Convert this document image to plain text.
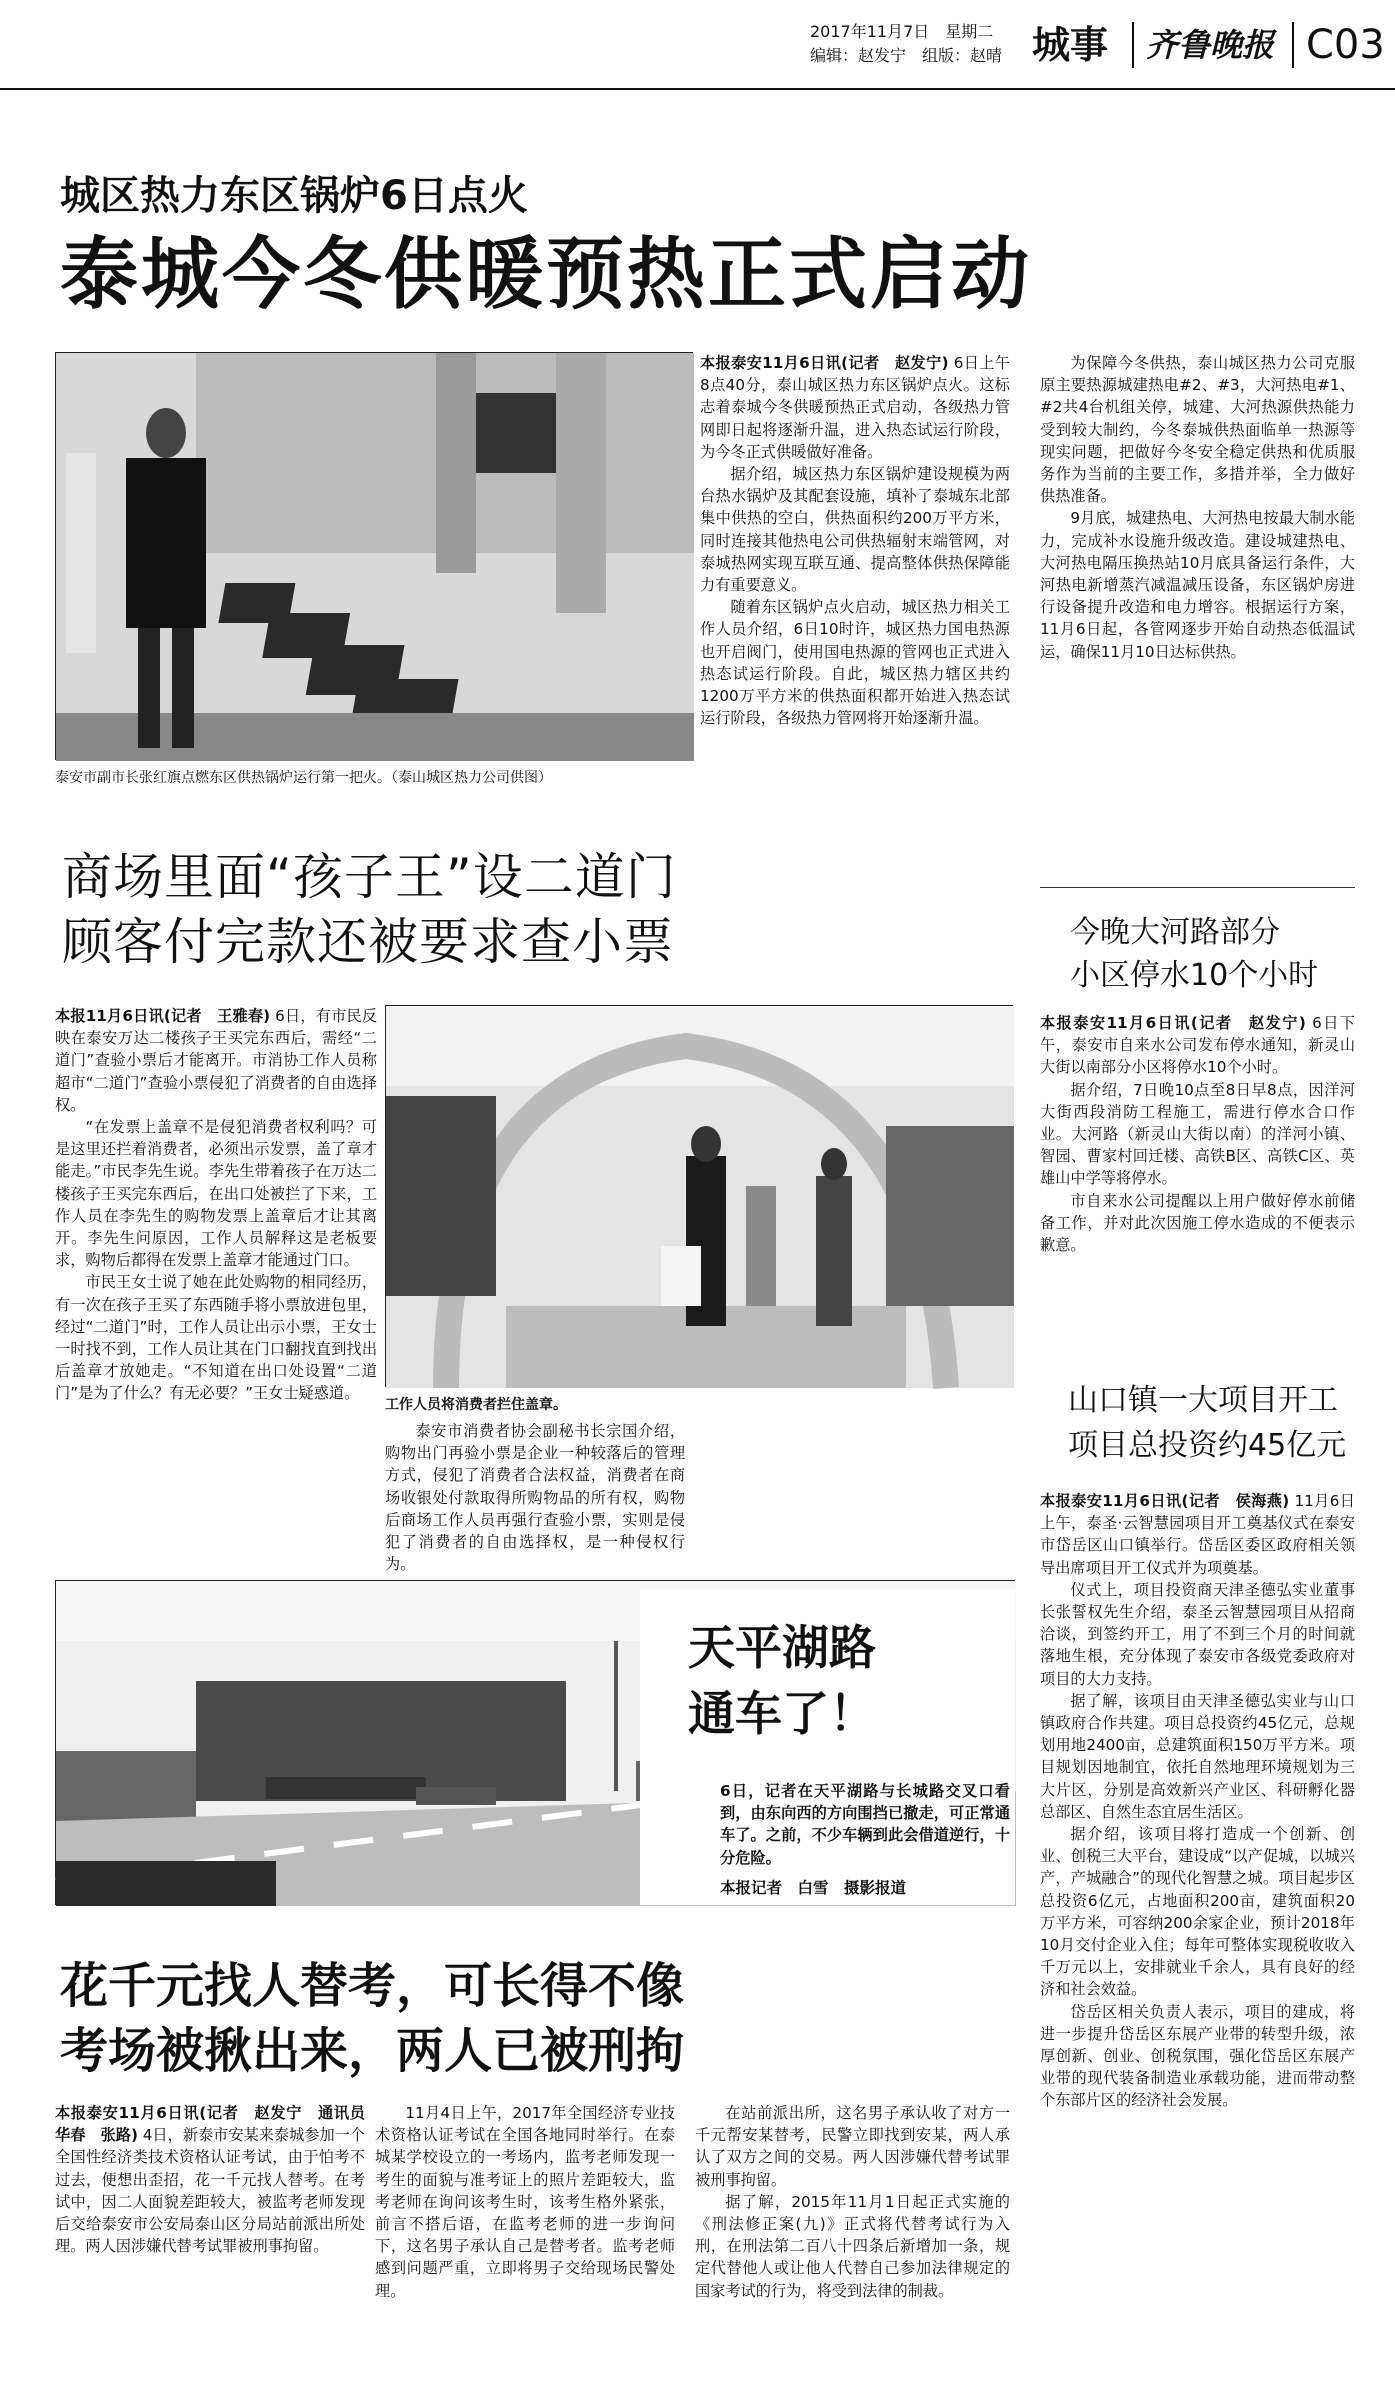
2017年11月7日　星期二
编辑：赵发宁　组版：赵晴 城事 齐鲁晚报 C03
城区热力东区锅炉6日点火
泰城今冬供暖预热正式启动
泰安市副市长张红旗点燃东区供热锅炉运行第一把火。（泰山城区热力公司供图）

本报泰安11月6日讯(记者　赵发宁) 6日上午8点40分，泰山城区热力东区锅炉点火。这标志着泰城今冬供暖预热正式启动，各级热力管网即日起将逐渐升温，进入热态试运行阶段，为今冬正式供暖做好准备。

据介绍，城区热力东区锅炉建设规模为两台热水锅炉及其配套设施，填补了泰城东北部集中供热的空白，供热面积约200万平方米，同时连接其他热电公司供热辐射末端管网，对泰城热网实现互联互通、提高整体供热保障能力有重要意义。

随着东区锅炉点火启动，城区热力相关工作人员介绍，6日10时许，城区热力国电热源也开启阀门，使用国电热源的管网也正式进入热态试运行阶段。自此，城区热力辖区共约1200万平方米的供热面积都开始进入热态试运行阶段，各级热力管网将开始逐渐升温。

为保障今冬供热，泰山城区热力公司克服原主要热源城建热电#2、#3，大河热电#1、#2共4台机组关停，城建、大河热源供热能力受到较大制约，今冬泰城供热面临单一热源等现实问题，把做好今冬安全稳定供热和优质服务作为当前的主要工作，多措并举，全力做好供热准备。

9月底，城建热电、大河热电按最大制水能力，完成补水设施升级改造。建设城建热电、大河热电隔压换热站10月底具备运行条件，大河热电新增蒸汽减温减压设备，东区锅炉房进行设备提升改造和电力增容。根据运行方案，11月6日起，各管网逐步开始自动热态低温试运，确保11月10日达标供热。

商场里面“孩子王”设二道门
顾客付完款还被要求查小票

本报11月6日讯(记者　王雅春) 6日，有市民反映在泰安万达二楼孩子王买完东西后，需经“二道门”查验小票后才能离开。市消协工作人员称超市“二道门”查验小票侵犯了消费者的自由选择权。

“在发票上盖章不是侵犯消费者权利吗？可是这里还拦着消费者，必须出示发票，盖了章才能走。”市民李先生说。李先生带着孩子在万达二楼孩子王买完东西后，在出口处被拦了下来，工作人员在李先生的购物发票上盖章后才让其离开。李先生问原因，工作人员解释这是老板要求，购物后都得在发票上盖章才能通过门口。

市民王女士说了她在此处购物的相同经历，有一次在孩子王买了东西随手将小票放进包里，经过“二道门”时，工作人员让出示小票，王女士一时找不到，工作人员让其在门口翻找直到找出后盖章才放她走。“不知道在出口处设置“二道门”是为了什么？有无必要？”王女士疑惑道。

工作人员将消费者拦住盖章。

泰安市消费者协会副秘书长宗国介绍，购物出门再验小票是企业一种较落后的管理方式，侵犯了消费者合法权益，消费者在商场收银处付款取得所购物品的所有权，购物后商场工作人员再强行查验小票，实则是侵犯了消费者的自由选择权，是一种侵权行为。

今晚大河路部分
小区停水10个小时

本报泰安11月6日讯(记者　赵发宁) 6日下午，泰安市自来水公司发布停水通知，新灵山大街以南部分小区将停水10个小时。

据介绍，7日晚10点至8日早8点，因洋河大街西段消防工程施工，需进行停水合口作业。大河路（新灵山大街以南）的洋河小镇、智园、曹家村回迁楼、高铁B区、高铁C区、英雄山中学等将停水。

市自来水公司提醒以上用户做好停水前储备工作，并对此次因施工停水造成的不便表示歉意。

山口镇一大项目开工
项目总投资约45亿元

本报泰安11月6日讯(记者　侯海燕) 11月6日上午，泰圣·云智慧园项目开工奠基仪式在泰安市岱岳区山口镇举行。岱岳区委区政府相关领导出席项目开工仪式并为项奠基。

仪式上，项目投资商天津圣德弘实业董事长张誓权先生介绍，泰圣云智慧园项目从招商洽谈，到签约开工，用了不到三个月的时间就落地生根，充分体现了泰安市各级党委政府对项目的大力支持。

据了解，该项目由天津圣德弘实业与山口镇政府合作共建。项目总投资约45亿元，总规划用地2400亩，总建筑面积150万平方米。项目规划因地制宜，依托自然地理环境规划为三大片区，分别是高效新兴产业区、科研孵化器总部区、自然生态宜居生活区。

据介绍，该项目将打造成一个创新、创业、创税三大平台，建设成“以产促城，以城兴产，产城融合”的现代化智慧之城。项目起步区总投资6亿元，占地面积200亩，建筑面积20万平方米，可容纳200余家企业，预计2018年10月交付企业入住；每年可整体实现税收收入千万元以上，安排就业千余人，具有良好的经济和社会效益。

岱岳区相关负责人表示，项目的建成，将进一步提升岱岳区东展产业带的转型升级，浓厚创新、创业、创税氛围，强化岱岳区东展产业带的现代装备制造业承载功能，进而带动整个东部片区的经济社会发展。

天平湖路
通车了！
6日，记者在天平湖路与长城路交叉口看到，由东向西的方向围挡已撤走，可正常通车了。之前，不少车辆到此会借道逆行，十分危险。
本报记者　白雪　摄影报道
花千元找人替考，可长得不像
考场被揪出来，两人已被刑拘

本报泰安11月6日讯(记者　赵发宁　通讯员　华春　张路) 4日，新泰市安某来泰城参加一个全国性经济类技术资格认证考试，由于怕考不过去，便想出歪招，花一千元找人替考。在考试中，因二人面貌差距较大，被监考老师发现后交给泰安市公安局泰山区分局站前派出所处理。两人因涉嫌代替考试罪被刑事拘留。

11月4日上午，2017年全国经济专业技术资格认证考试在全国各地同时举行。在泰城某学校设立的一考场内，监考老师发现一考生的面貌与准考证上的照片差距较大，监考老师在询问该考生时，该考生格外紧张，前言不搭后语，在监考老师的进一步询问下，这名男子承认自己是替考者。监考老师感到问题严重，立即将男子交给现场民警处理。

在站前派出所，这名男子承认收了对方一千元帮安某替考，民警立即找到安某，两人承认了双方之间的交易。两人因涉嫌代替考试罪被刑事拘留。

据了解，2015年11月1日起正式实施的《刑法修正案(九)》正式将代替考试行为入刑，在刑法第二百八十四条后新增加一条，规定代替他人或让他人代替自己参加法律规定的国家考试的行为，将受到法律的制裁。
